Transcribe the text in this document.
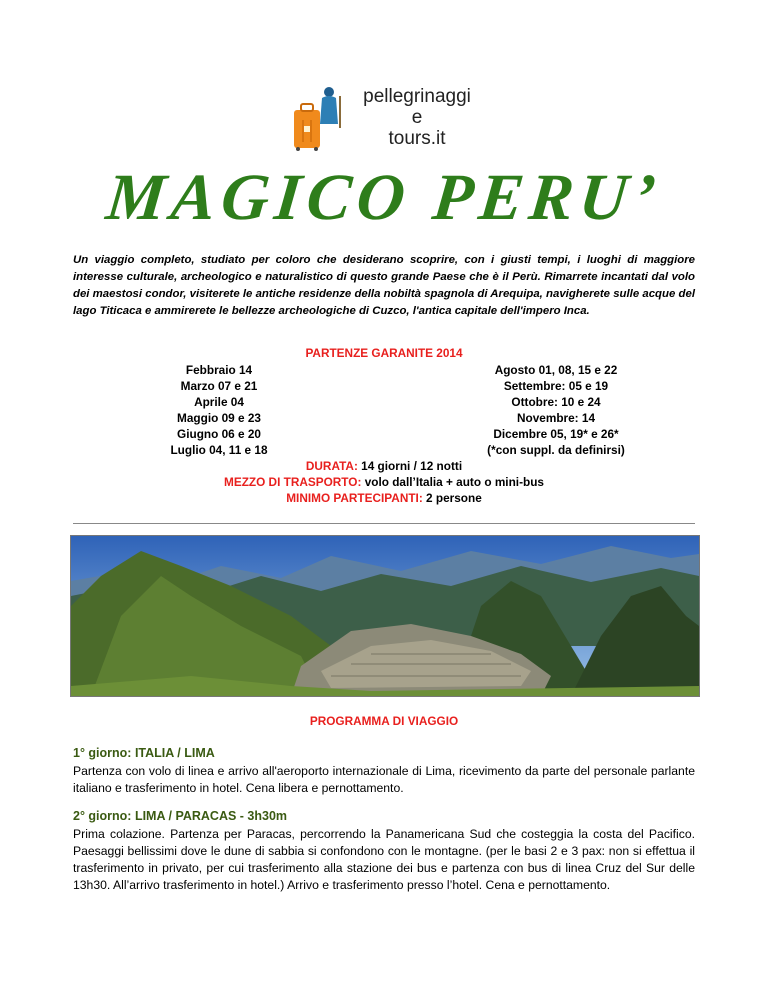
pellegrinaggi
e
tours.it
MAGICO PERU’
Un viaggio completo, studiato per coloro che desiderano scoprire, con i giusti tempi, i luoghi di maggiore interesse culturale, archeologico e naturalistico di questo grande Paese che è il Perù. Rimarrete incantati dal volo dei maestosi condor, visiterete le antiche residenze della nobiltà spagnola di Arequipa, navigherete sulle acque del lago Titicaca e ammirerete le bellezze archeologiche di Cuzco, l'antica capitale dell'impero Inca.
PARTENZE GARANITE 2014
Febbraio 14
Marzo 07 e 21
Aprile 04
Maggio 09 e 23
Giugno 06 e 20
Luglio 04, 11 e 18
Agosto 01, 08, 15 e 22
Settembre: 05 e 19
Ottobre: 10 e 24
Novembre: 14
Dicembre 05, 19* e 26*
(*con suppl. da definirsi)
DURATA: 14 giorni / 12 notti
MEZZO DI TRASPORTO: volo dall’Italia + auto o mini-bus
MINIMO PARTECIPANTI: 2 persone
PROGRAMMA DI VIAGGIO
1° giorno: ITALIA / LIMA
Partenza con volo di linea e arrivo all'aeroporto internazionale di Lima, ricevimento da parte del personale parlante italiano e trasferimento in hotel. Cena libera e pernottamento.
2° giorno: LIMA / PARACAS - 3h30m
Prima colazione. Partenza per Paracas, percorrendo la Panamericana Sud che costeggia la costa del Pacifico. Paesaggi bellissimi dove le dune di sabbia si confondono con le montagne. (per le basi 2 e 3 pax: non si effettua il trasferimento in privato, per cui trasferimento alla stazione dei bus e partenza con bus di linea Cruz del Sur delle 13h30. All’arrivo trasferimento in hotel.) Arrivo e trasferimento presso l’hotel. Cena e pernottamento.
